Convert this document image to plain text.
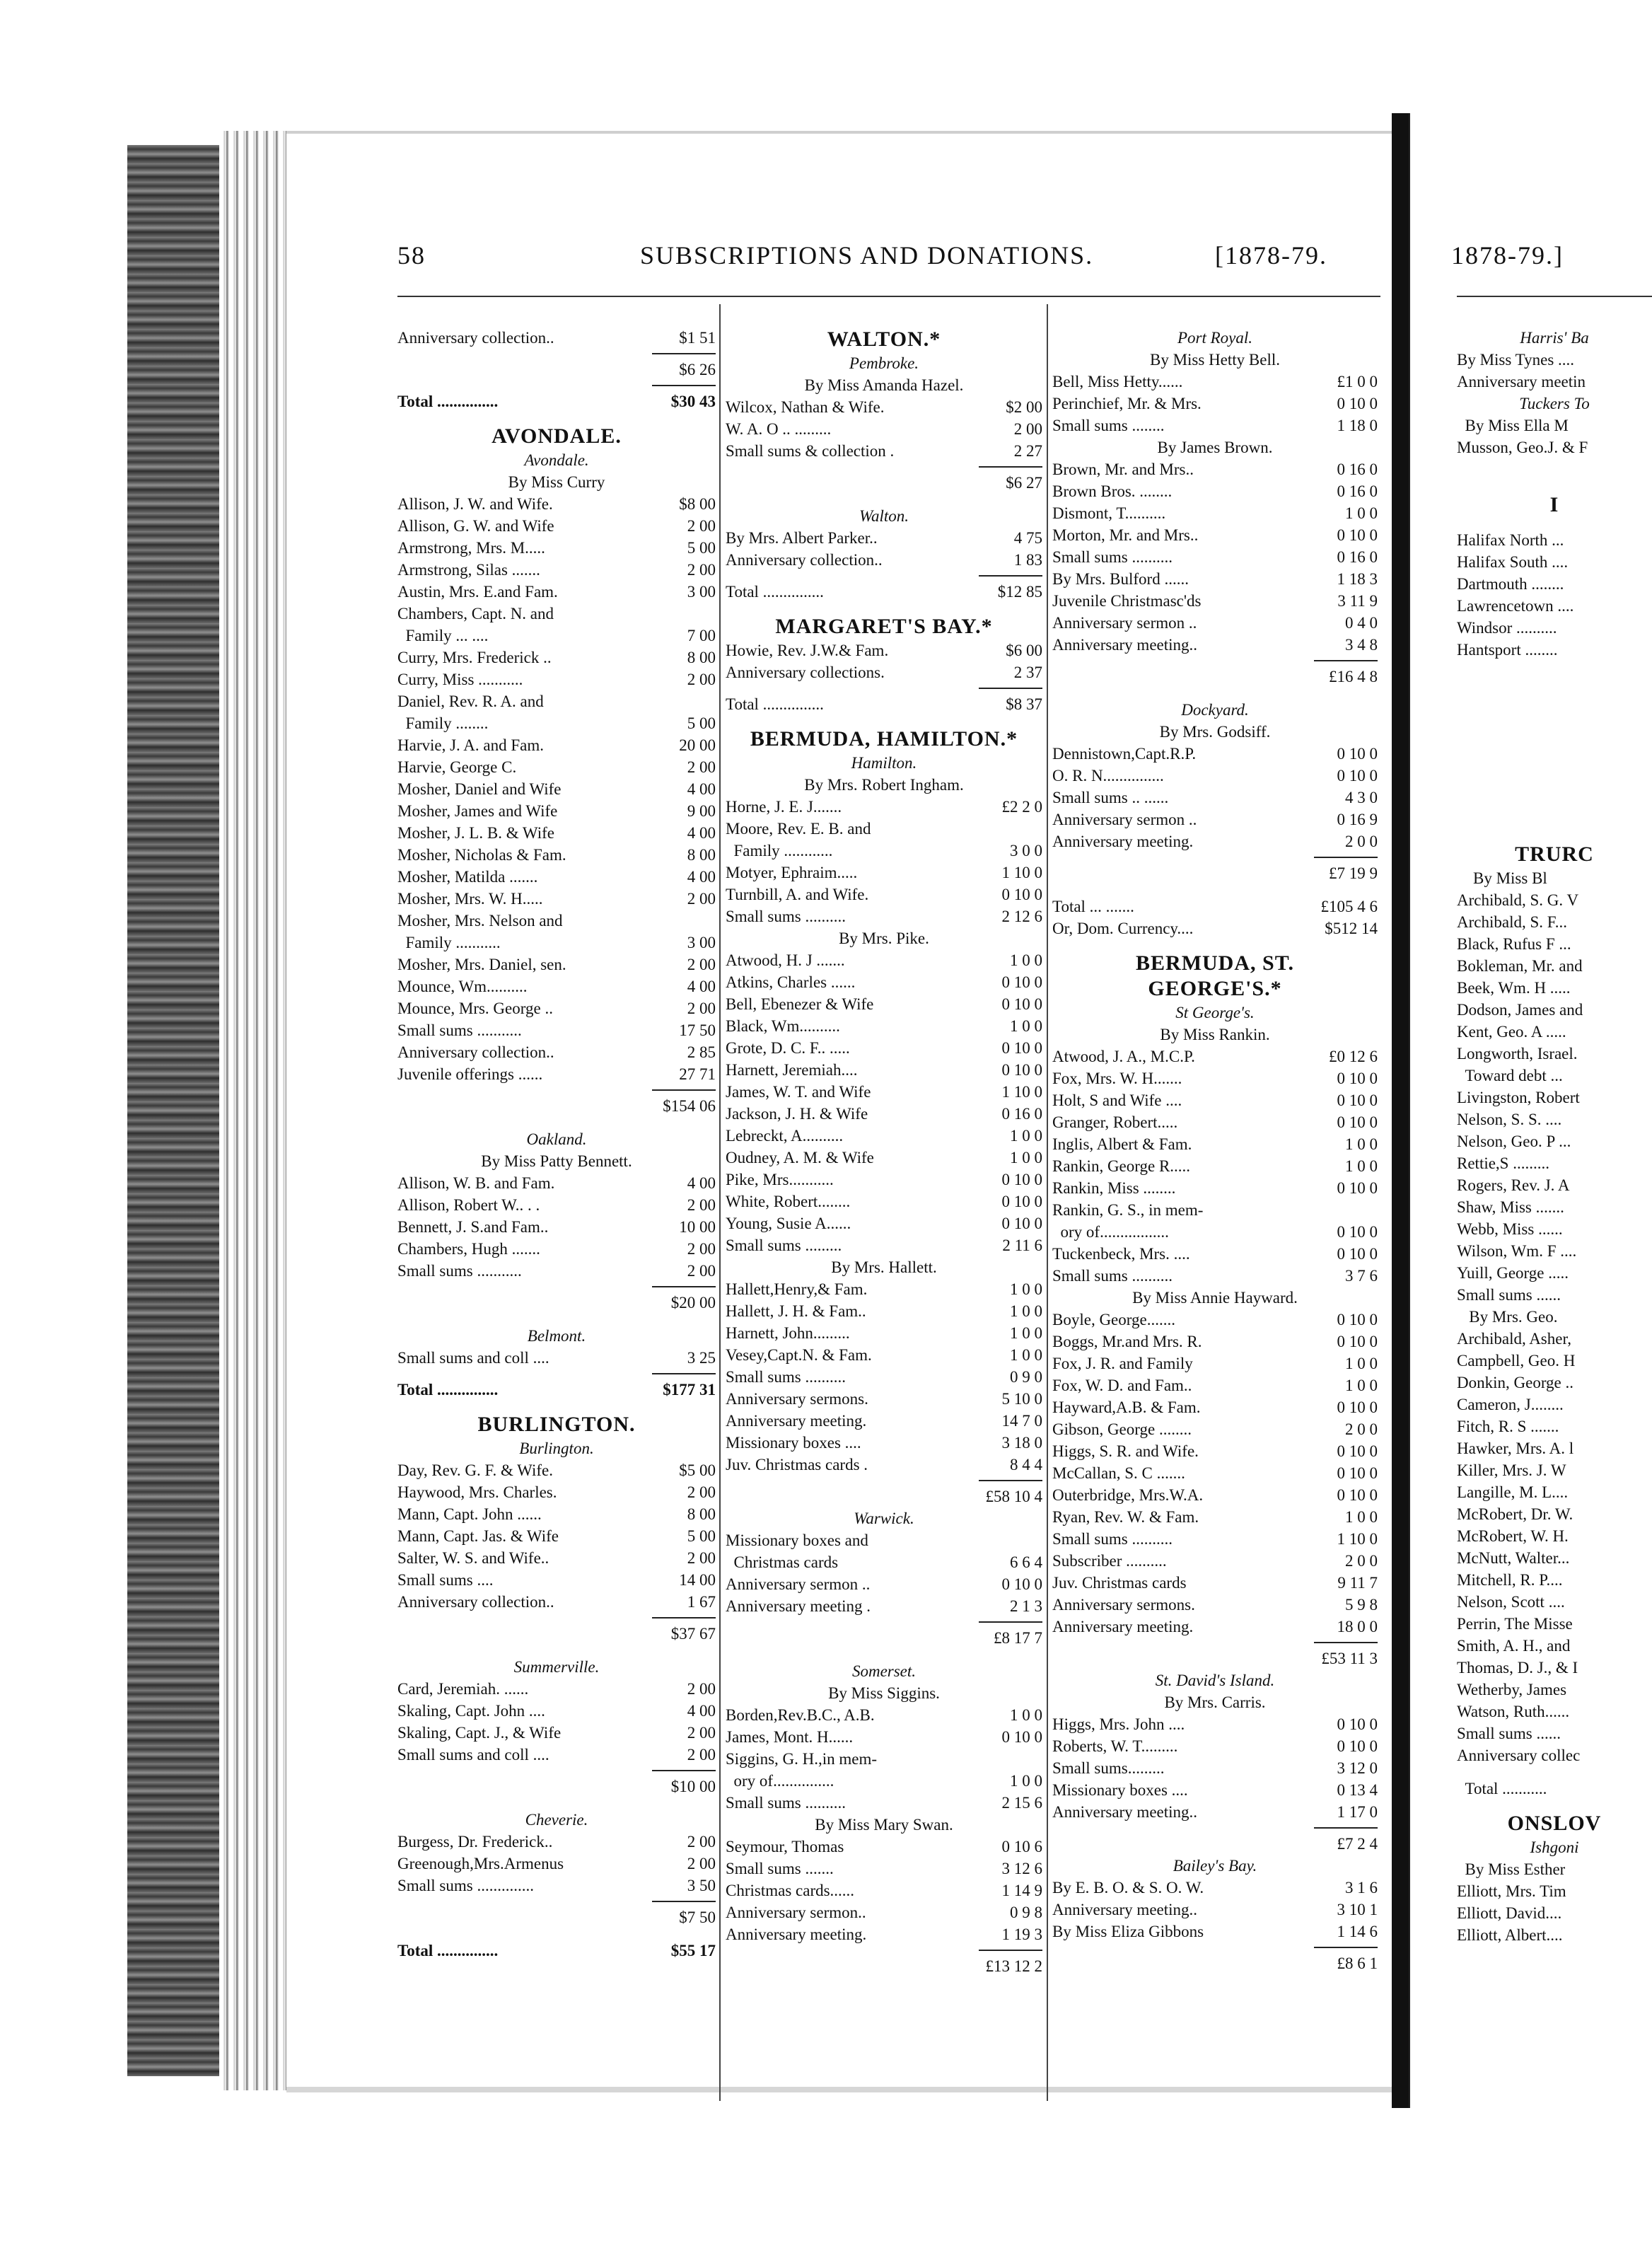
58	SUBSCRIPTIONS AND DONATIONS.	[1878-79.	1878-79.]
Anniversary collection..	$1 51
$6 26
Total ...............	$30 43
AVONDALE.
Avondale.
By Miss Curry
Allison, J. W. and Wife.	$8 00
Allison, G. W. and Wife	2 00
Armstrong, Mrs. M.....	5 00
Armstrong, Silas .......	2 00
Austin, Mrs. E.and Fam.	3 00
Chambers, Capt. N. and
Family ... ....	7 00
Curry, Mrs. Frederick ..	8 00
Curry, Miss ...........	2 00
Daniel, Rev. R. A. and
Family ........	5 00
Harvie, J. A. and Fam.	20 00
Harvie, George C.	2 00
Mosher, Daniel and Wife	4 00
Mosher, James and Wife	9 00
Mosher, J. L. B. & Wife	4 00
Mosher, Nicholas & Fam.	8 00
Mosher, Matilda .......	4 00
Mosher, Mrs. W. H.....	2 00
Mosher, Mrs. Nelson and
Family ...........	3 00
Mosher, Mrs. Daniel, sen.	2 00
Mounce, Wm..........	4 00
Mounce, Mrs. George ..	2 00
Small sums ...........	17 50
Anniversary collection..	2 85
Juvenile offerings ......	27 71
$154 06
Oakland.
By Miss Patty Bennett.
Allison, W. B. and Fam.	4 00
Allison, Robert W.. . .	2 00
Bennett, J. S.and Fam..	10 00
Chambers, Hugh .......	2 00
Small sums ...........	2 00
$20 00
Belmont.
Small sums and coll ....	3 25
Total ...............	$177 31
BURLINGTON.
Burlington.
Day, Rev. G. F. & Wife.	$5 00
Haywood, Mrs. Charles.	2 00
Mann, Capt. John ......	8 00
Mann, Capt. Jas. & Wife	5 00
Salter, W. S. and Wife..	2 00
Small sums ....	14 00
Anniversary collection..	1 67
$37 67
Summerville.
Card, Jeremiah. ......	2 00
Skaling, Capt. John ....	4 00
Skaling, Capt. J., & Wife	2 00
Small sums and coll ....	2 00
$10 00
Cheverie.
Burgess, Dr. Frederick..	2 00
Greenough,Mrs.Armenus	2 00
Small sums ..............	3 50
$7 50
Total ...............	$55 17
WALTON.*
Pembroke.
By Miss Amanda Hazel.
Wilcox, Nathan & Wife.	$2 00
W. A. O .. .........	2 00
Small sums & collection .	2 27
$6 27
Walton.
By Mrs. Albert Parker..	4 75
Anniversary collection..	1 83
Total ...............	$12 85
MARGARET'S BAY.*
Howie, Rev. J.W.& Fam.	$6 00
Anniversary collections.	2 37
Total ...............	$8 37
BERMUDA, HAMILTON.*
Hamilton.
By Mrs. Robert Ingham.
Horne, J. E. J.......	£2 2 0
Moore, Rev. E. B. and
Family ............	3 0 0
Motyer, Ephraim.....	1 10 0
Turnbill, A. and Wife.	0 10 0
Small sums ..........	2 12 6
By Mrs. Pike.
Atwood, H. J .......	1 0 0
Atkins, Charles ......	0 10 0
Bell, Ebenezer & Wife	0 10 0
Black, Wm..........	1 0 0
Grote, D. C. F.. .....	0 10 0
Harnett, Jeremiah....	0 10 0
James, W. T. and Wife	1 10 0
Jackson, J. H. & Wife	0 16 0
Lebreckt, A..........	1 0 0
Oudney, A. M. & Wife	1 0 0
Pike, Mrs...........	0 10 0
White, Robert........	0 10 0
Young, Susie A......	0 10 0
Small sums .........	2 11 6
By Mrs. Hallett.
Hallett,Henry,& Fam.	1 0 0
Hallett, J. H. & Fam..	1 0 0
Harnett, John.........	1 0 0
Vesey,Capt.N. & Fam.	1 0 0
Small sums ..........	0 9 0
Anniversary sermons.	5 10 0
Anniversary meeting.	14 7 0
Missionary boxes ....	3 18 0
Juv. Christmas cards .	8 4 4
£58 10 4
Warwick.
Missionary boxes and
Christmas cards	6 6 4
Anniversary sermon ..	0 10 0
Anniversary meeting .	2 1 3
£8 17 7
Somerset.
By Miss Siggins.
Borden,Rev.B.C., A.B.	1 0 0
James, Mont. H......	0 10 0
Siggins, G. H.,in mem-
ory of...............	1 0 0
Small sums ..........	2 15 6
By Miss Mary Swan.
Seymour, Thomas	0 10 6
Small sums .......	3 12 6
Christmas cards......	1 14 9
Anniversary sermon..	0 9 8
Anniversary meeting.	1 19 3
£13 12 2
Port Royal.
By Miss Hetty Bell.
Bell, Miss Hetty......	£1 0 0
Perinchief, Mr. & Mrs.	0 10 0
Small sums ........	1 18 0
By James Brown.
Brown, Mr. and Mrs..	0 16 0
Brown Bros. ........	0 16 0
Dismont, T..........	1 0 0
Morton, Mr. and Mrs..	0 10 0
Small sums ..........	0 16 0
By Mrs. Bulford ......	1 18 3
Juvenile Christmasc'ds	3 11 9
Anniversary sermon ..	0 4 0
Anniversary meeting..	3 4 8
£16 4 8
Dockyard.
By Mrs. Godsiff.
Dennistown,Capt.R.P.	0 10 0
O. R. N...............	0 10 0
Small sums .. ......	4 3 0
Anniversary sermon ..	0 16 9
Anniversary meeting.	2 0 0
£7 19 9
Total ... .......	£105 4 6
Or, Dom. Currency....	$512 14
BERMUDA, ST.
GEORGE'S.*
St George's.
By Miss Rankin.
Atwood, J. A., M.C.P.	£0 12 6
Fox, Mrs. W. H.......	0 10 0
Holt, S and Wife ....	0 10 0
Granger, Robert.....	0 10 0
Inglis, Albert & Fam.	1 0 0
Rankin, George R.....	1 0 0
Rankin, Miss ........	0 10 0
Rankin, G. S., in mem-
ory of.................	0 10 0
Tuckenbeck, Mrs. ....	0 10 0
Small sums ..........	3 7 6
By Miss Annie Hayward.
Boyle, George.......	0 10 0
Boggs, Mr.and Mrs. R.	0 10 0
Fox, J. R. and Family	1 0 0
Fox, W. D. and Fam..	1 0 0
Hayward,A.B. & Fam.	0 10 0
Gibson, George ........	2 0 0
Higgs, S. R. and Wife.	0 10 0
McCallan, S. C .......	0 10 0
Outerbridge, Mrs.W.A.	0 10 0
Ryan, Rev. W. & Fam.	1 0 0
Small sums ..........	1 10 0
Subscriber ..........	2 0 0
Juv. Christmas cards	9 11 7
Anniversary sermons.	5 9 8
Anniversary meeting.	18 0 0
£53 11 3
St. David's Island.
By Mrs. Carris.
Higgs, Mrs. John ....	0 10 0
Roberts, W. T.........	0 10 0
Small sums.........	3 12 0
Missionary boxes ....	0 13 4
Anniversary meeting..	1 17 0
£7 2 4
Bailey's Bay.
By E. B. O. & S. O. W.	3 1 6
Anniversary meeting..	3 10 1
By Miss Eliza Gibbons	1 14 6
£8 6 1
Harris' Ba
By Miss Tynes ....
Anniversary meetin
Tuckers To
By Miss Ella M
Musson, Geo.J. & F
I
Halifax North ...
Halifax South ....
Dartmouth ........
Lawrencetown ....
Windsor ..........
Hantsport ........
TRURC
By Miss Bl
Archibald, S. G. V
Archibald, S. F...
Black, Rufus F ...
Bokleman, Mr. and
Beek, Wm. H .....
Dodson, James and
Kent, Geo. A .....
Longworth, Israel.
Toward debt ...
Livingston, Robert
Nelson, S. S. ....
Nelson, Geo. P ...
Rettie,S .........
Rogers, Rev. J. A
Shaw, Miss .......
Webb, Miss ......
Wilson, Wm. F ....
Yuill, George .....
Small sums ......
By Mrs. Geo.
Archibald, Asher,
Campbell, Geo. H
Donkin, George ..
Cameron, J........
Fitch, R. S .......
Hawker, Mrs. A. l
Killer, Mrs. J. W
Langille, M. L....
McRobert, Dr. W.
McRobert, W. H.
McNutt, Walter...
Mitchell, R. P....
Nelson, Scott ....
Perrin, The Misse
Smith, A. H., and
Thomas, D. J., & I
Wetherby, James
Watson, Ruth......
Small sums ......
Anniversary collec
Total ...........
ONSLOV
Ishgoni
By Miss Esther
Elliott, Mrs. Tim
Elliott, David....
Elliott, Albert....
